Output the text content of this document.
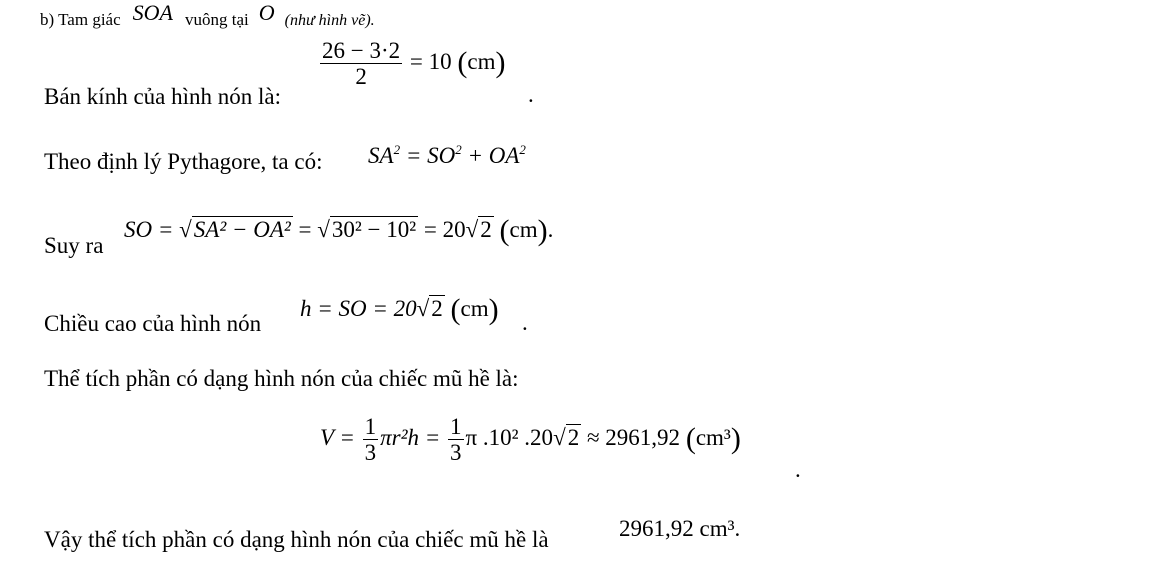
b) Tam giác SOA vuông tại O (như hình vẽ).
Bán kính của hình nón là:
$\frac{26 - 3\cdot 2}{2} = 10$ (cm)
.
Theo định lý Pythagore, ta có: $SA^2 = SO^2 + OA^2$
Suy ra
SO = √SA² − OA² = √30² − 10² = 20√2 (cm).
Chiều cao của hình nón
h = SO = 20√2 (cm) .
Thể tích phần có dạng hình nón của chiếc mũ hề là:
$V = \frac{1}{3} \pi r^2h = \frac{1}{3}$ π .10² .20√2 ≈ 2961,92 (cm³)
.
Vậy thể tích phần có dạng hình nón của chiếc mũ hề là	2961,92 cm³.
